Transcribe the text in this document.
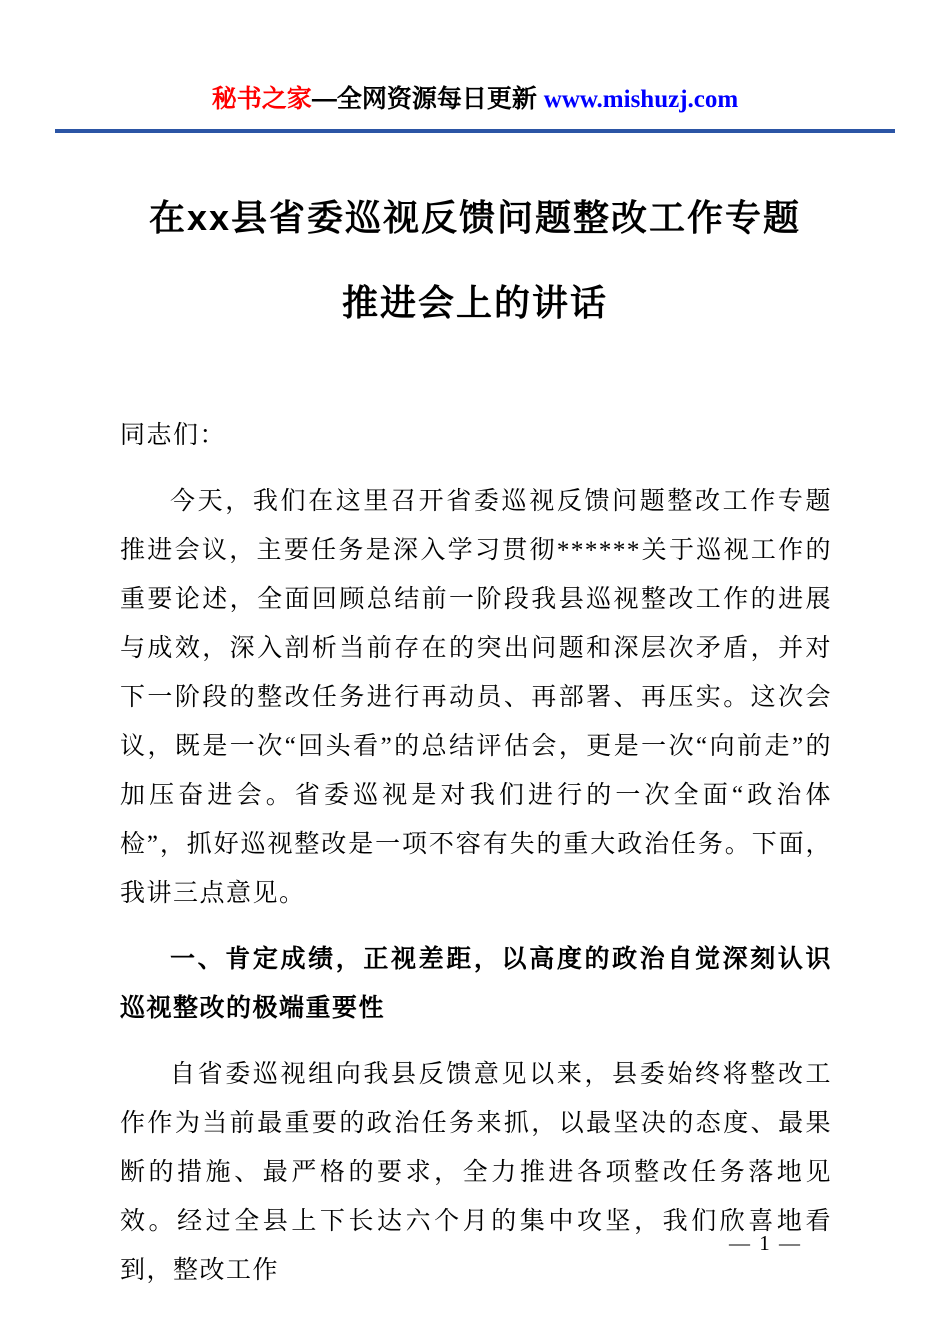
秘书之家—全网资源每日更新 www.mishuzj.com
在xx县省委巡视反馈问题整改工作专题
推进会上的讲话

同志们：

今天，我们在这里召开省委巡视反馈问题整改工作专题推进会议，主要任务是深入学习贯彻******关于巡视工作的重要论述，全面回顾总结前一阶段我县巡视整改工作的进展与成效，深入剖析当前存在的突出问题和深层次矛盾，并对下一阶段的整改任务进行再动员、再部署、再压实。这次会议，既是一次“回头看”的总结评估会，更是一次“向前走”的加压奋进会。省委巡视是对我们进行的一次全面“政治体检”，抓好巡视整改是一项不容有失的重大政治任务。下面，我讲三点意见。

一、肯定成绩，正视差距，以高度的政治自觉深刻认识巡视整改的极端重要性

自省委巡视组向我县反馈意见以来，县委始终将整改工作作为当前最重要的政治任务来抓，以最坚决的态度、最果断的措施、最严格的要求，全力推进各项整改任务落地见效。经过全县上下长达六个月的集中攻坚，我们欣喜地看到，整改工作

— 1 —
